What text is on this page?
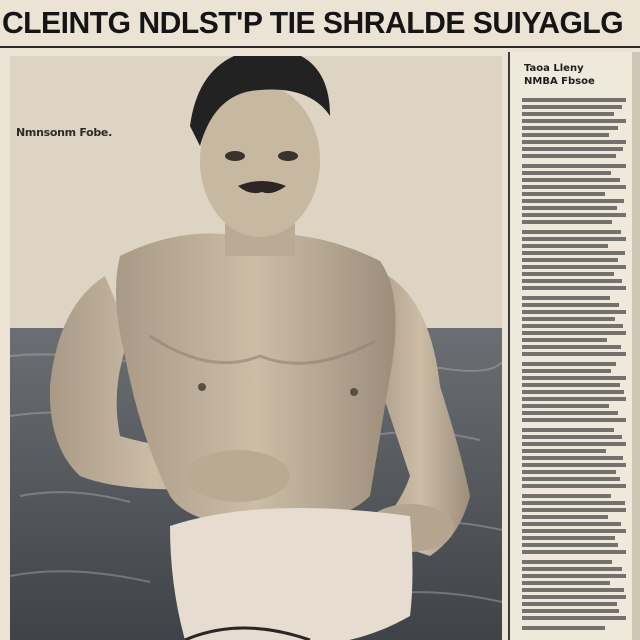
CLEINTG NDLST'P TIE SHRALDE SUIYAGLG
Nmnsonm Fobe.
Taoa Lleny
NMBA Fbsoe
